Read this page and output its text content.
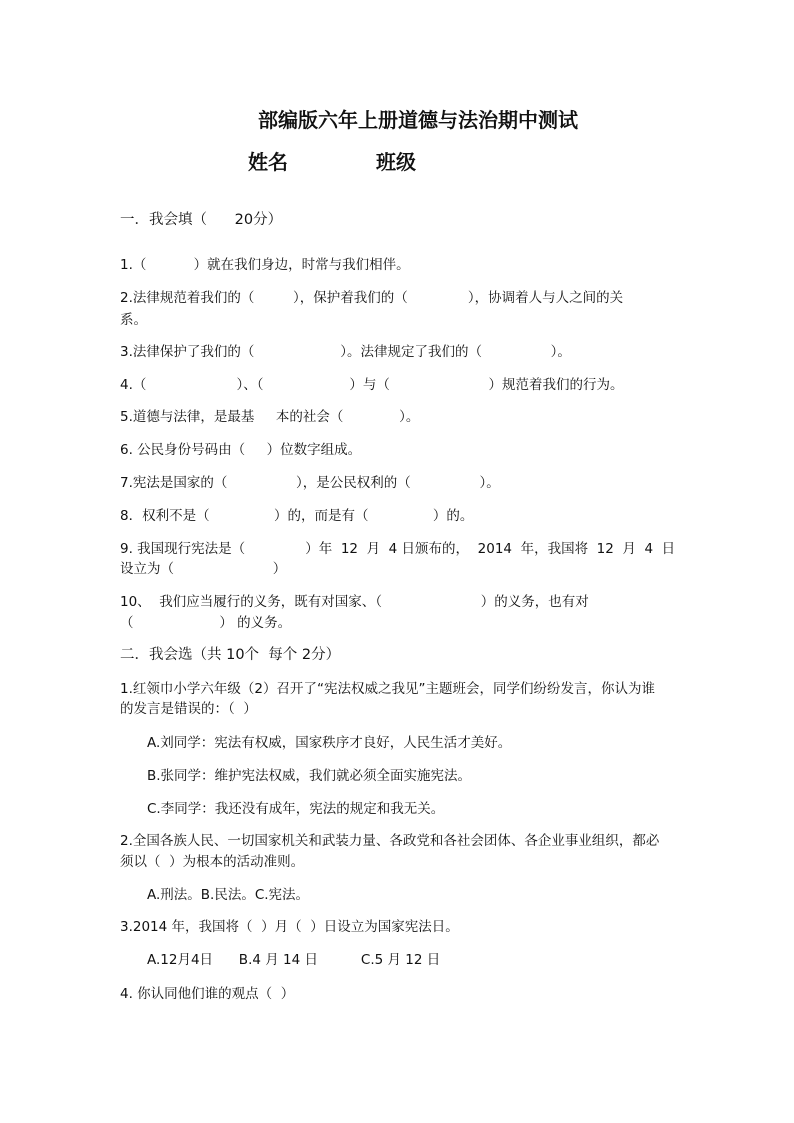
部编版六年上册道德与法治期中测试
姓名	班级
一．我会填（      20分）
1.（           ）就在我们身边，时常与我们相伴。
2.法律规范着我们的（         ），保护着我们的（              ），协调着人与人之间的关
系。
3.法律保护了我们的（                    ）。法律规定了我们的（                ）。
4.（                     ）、（                    ）与（                       ）规范着我们的行为。
5.道德与法律，是最基     本的社会（             ）。
6. 公民身份号码由（     ）位数字组成。
7.宪法是国家的（                ），是公民权利的（                ）。
8．权利不是（               ）的，而是有（               ）的。
9. 我国现行宪法是（              ）年  12  月  4 日颁布的，  2014  年，我国将  12  月  4  日
设立为（                       ）
10、  我们应当履行的义务，既有对国家、（                       ）的义务，也有对
（                    ） 的义务。
二．我会选（共 10个  每个 2分）
1.红领巾小学六年级（2）召开了“宪法权威之我见”主题班会，同学们纷纷发言，你认为谁
的发言是错误的：（  ）
A.刘同学：宪法有权威，国家秩序才良好，人民生活才美好。
B.张同学：维护宪法权威，我们就必须全面实施宪法。
C.李同学：我还没有成年，宪法的规定和我无关。
2.全国各族人民、一切国家机关和武装力量、各政党和各社会团体、各企业事业组织，都必
须以（  ）为根本的活动准则。
A.刑法。B.民法。C.宪法。
3.2014 年，我国将（  ）月（  ）日设立为国家宪法日。
A.12月4日      B.4 月 14 日          C.5 月 12 日
4. 你认同他们谁的观点（  ）
